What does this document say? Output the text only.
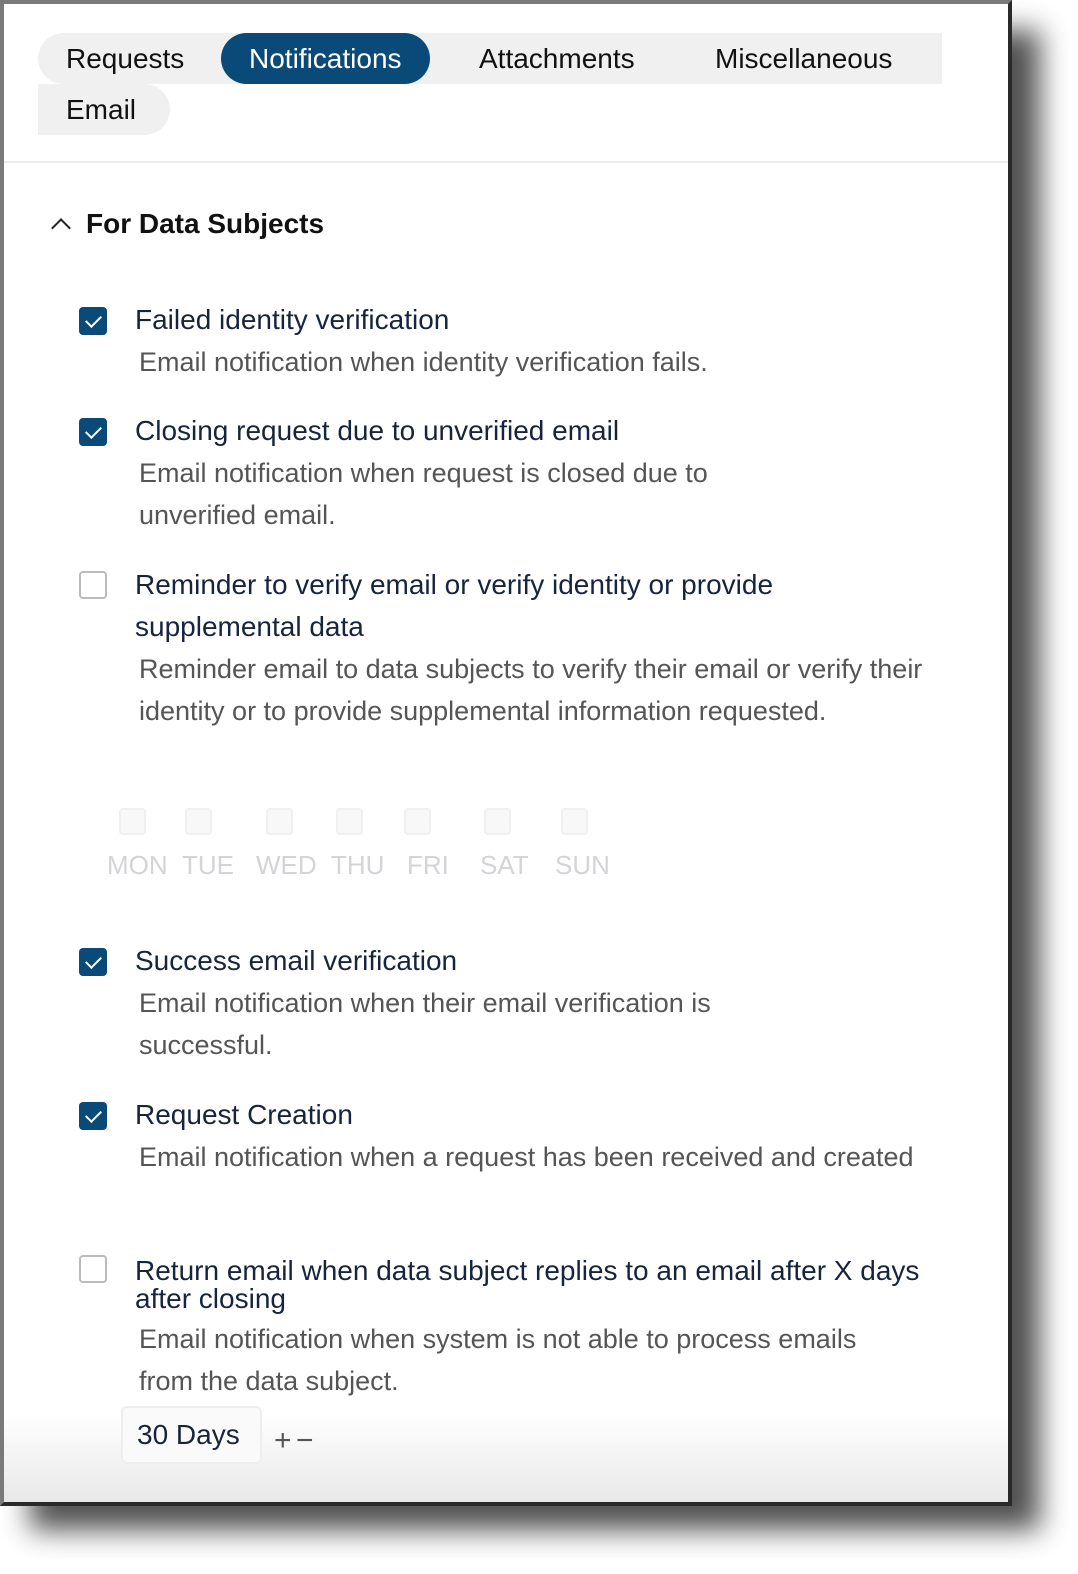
Requests	Notifications	Attachments	Miscellaneous
Email
For Data Subjects
Failed identity verification
Email notification when identity verification fails.
Closing request due to unverified email
Email notification when request is closed due to unverified email.
Reminder to verify email or verify identity or provide supplemental data
Reminder email to data subjects to verify their email or verify their identity or to provide supplemental information requested.
MON TUE WED THU FRI SAT SUN
Success email verification
Email notification when their email verification is successful.
Request Creation
Email notification when a request has been received and created
Return email when data subject replies to an email after X days after closing
Email notification when system is not able to process emails from the data subject.
30 Days	+ −
